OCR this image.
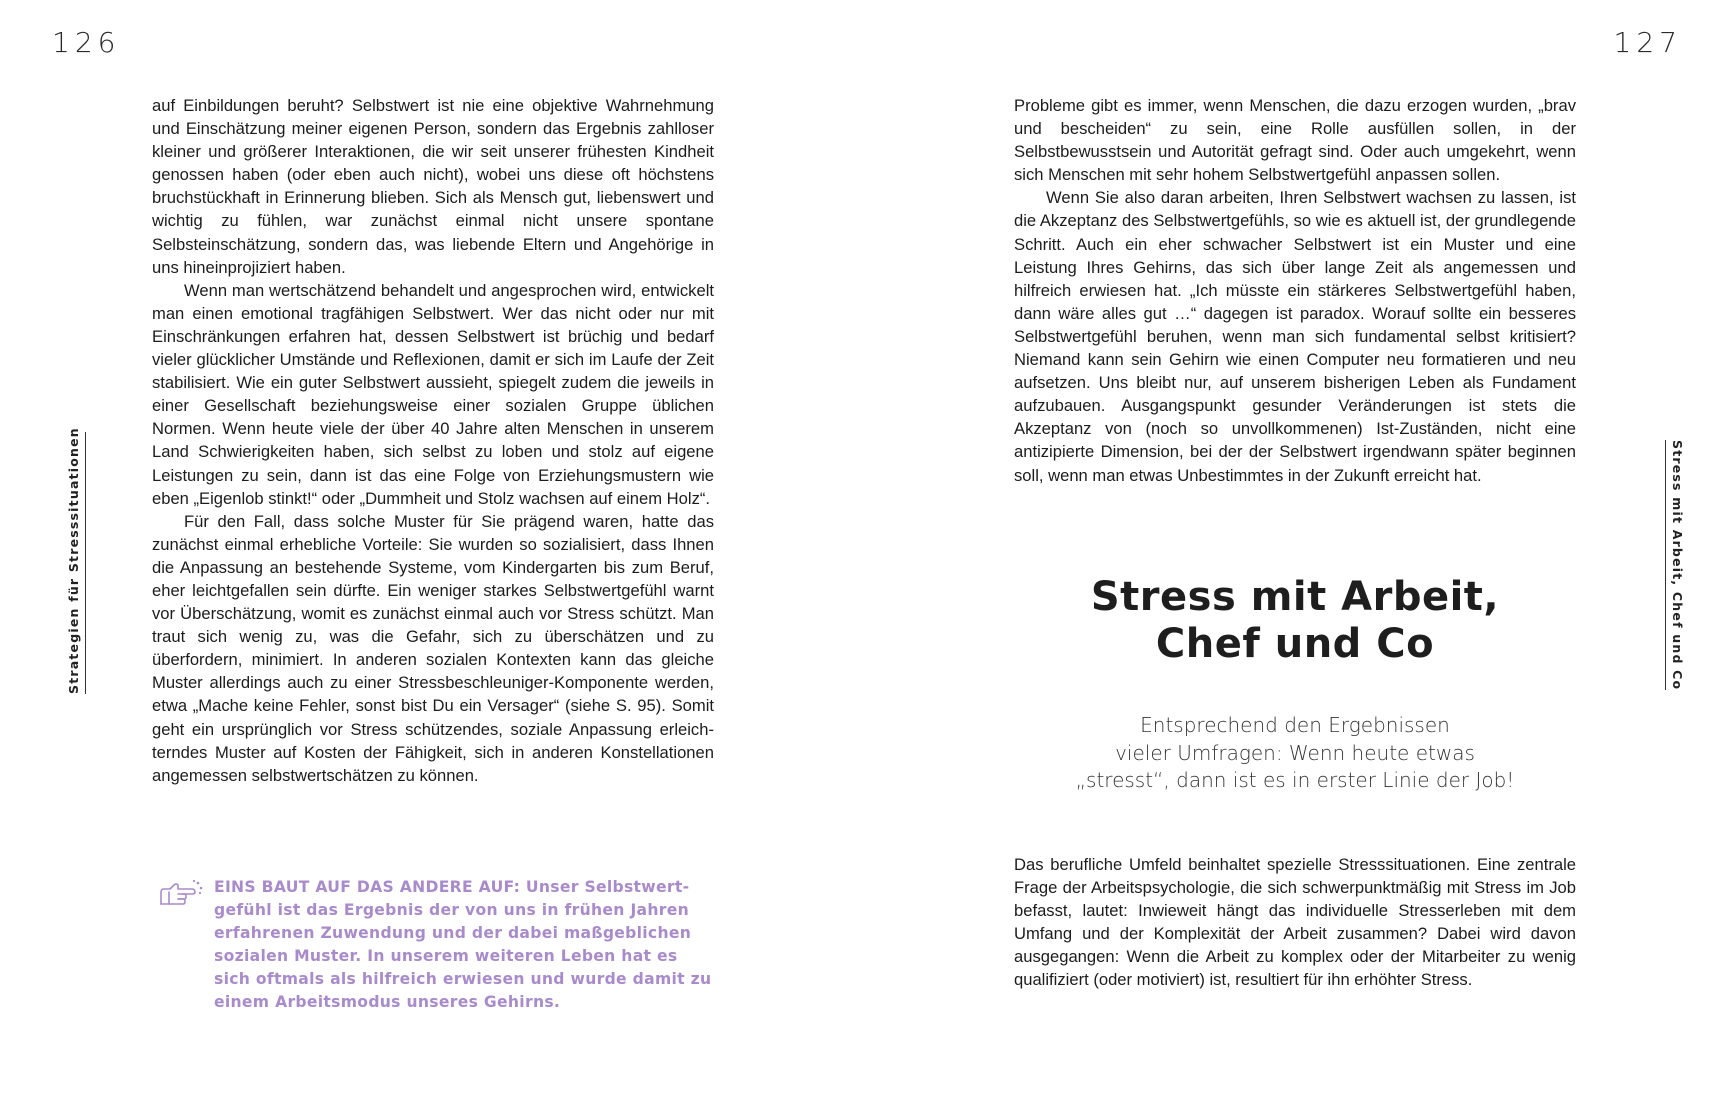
126

Strategien für Stresssituationen

auf Einbildungen beruht? Selbstwert ist nie eine objektive Wahrnehmung und Einschätzung meiner eigenen Person, sondern das Ergebnis zahlloser kleiner und größerer Interaktionen, die wir seit unserer frühesten Kindheit genossen haben (oder eben auch nicht), wobei uns diese oft höchstens bruchstückhaft in Erinnerung blieben. Sich als Mensch gut, liebenswert und wichtig zu fühlen, war zunächst einmal nicht unsere spontane Selbsteinschätzung, sondern das, was liebende Eltern und Angehörige in uns hineinprojiziert haben.

Wenn man wertschätzend behandelt und angesprochen wird, entwickelt man einen emotional tragfähigen Selbstwert. Wer das nicht oder nur mit Einschränkungen erfahren hat, dessen Selbstwert ist brüchig und bedarf vieler glücklicher Umstände und Reflexionen, damit er sich im Laufe der Zeit stabilisiert. Wie ein guter Selbstwert aussieht, spiegelt zudem die jeweils in einer Gesellschaft beziehungsweise einer sozialen Gruppe üblichen Normen. Wenn heute viele der über 40 Jahre alten Menschen in unserem Land Schwierigkeiten haben, sich selbst zu loben und stolz auf eigene Leistungen zu sein, dann ist das eine Folge von Erziehungsmustern wie eben „Eigenlob stinkt!“ oder „Dummheit und Stolz wachsen auf einem Holz“.

Für den Fall, dass solche Muster für Sie prägend waren, hatte das zunächst einmal erhebliche Vorteile: Sie wurden so sozialisiert, dass Ihnen die Anpassung an bestehende Systeme, vom Kindergarten bis zum Beruf, eher leichtgefallen sein dürfte. Ein weniger starkes Selbstwertgefühl warnt vor Überschätzung, womit es zunächst einmal auch vor Stress schützt. Man traut sich wenig zu, was die Gefahr, sich zu überschätzen und zu überfordern, minimiert. In anderen sozialen Kontexten kann das gleiche Muster allerdings auch zu einer Stressbeschleuniger-Komponente werden, etwa „Mache keine Fehler, sonst bist Du ein Versager“ (siehe S. 95). Somit geht ein ursprünglich vor Stress schützendes, soziale Anpassung erleichterndes Muster auf Kosten der Fähigkeit, sich in anderen Konstellationen angemessen selbstwertschätzen zu können.

EINS BAUT AUF DAS ANDERE AUF: Unser Selbstwertgefühl ist das Ergebnis der von uns in frühen Jahren erfahrenen Zuwendung und der dabei maßgeblichen sozialen Muster. In unserem weiteren Leben hat es sich oftmals als hilfreich erwiesen und wurde damit zu einem Arbeitsmodus unseres Gehirns.

127

Stress mit Arbeit, Chef und Co

Probleme gibt es immer, wenn Menschen, die dazu erzogen wurden, „brav und bescheiden“ zu sein, eine Rolle ausfüllen sollen, in der Selbstbewusstsein und Autorität gefragt sind. Oder auch umgekehrt, wenn sich Menschen mit sehr hohem Selbstwertgefühl anpassen sollen.

Wenn Sie also daran arbeiten, Ihren Selbstwert wachsen zu lassen, ist die Akzeptanz des Selbstwertgefühls, so wie es aktuell ist, der grundlegende Schritt. Auch ein eher schwacher Selbstwert ist ein Muster und eine Leistung Ihres Gehirns, das sich über lange Zeit als angemessen und hilfreich erwiesen hat. „Ich müsste ein stärkeres Selbstwertgefühl haben, dann wäre alles gut …“ dagegen ist paradox. Worauf sollte ein besseres Selbstwertgefühl beruhen, wenn man sich fundamental selbst kritisiert? Niemand kann sein Gehirn wie einen Computer neu formatieren und neu aufsetzen. Uns bleibt nur, auf unserem bisherigen Leben als Fundament aufzubauen. Ausgangspunkt gesunder Veränderungen ist stets die Akzeptanz von (noch so unvollkommenen) Ist-Zuständen, nicht eine antizipierte Dimension, bei der der Selbstwert irgendwann später beginnen soll, wenn man etwas Unbestimmtes in der Zukunft erreicht hat.

Stress mit Arbeit,
Chef und Co

Entsprechend den Ergebnissen
vieler Umfragen: Wenn heute etwas
„stresst“, dann ist es in erster Linie der Job!

Das berufliche Umfeld beinhaltet spezielle Stresssituationen. Eine zentrale Frage der Arbeitspsychologie, die sich schwerpunktmäßig mit Stress im Job befasst, lautet: Inwieweit hängt das individuelle Stresserleben mit dem Umfang und der Komplexität der Arbeit zusammen? Dabei wird davon ausgegangen: Wenn die Arbeit zu komplex oder der Mitarbeiter zu wenig qualifiziert (oder motiviert) ist, resultiert für ihn erhöhter Stress.
